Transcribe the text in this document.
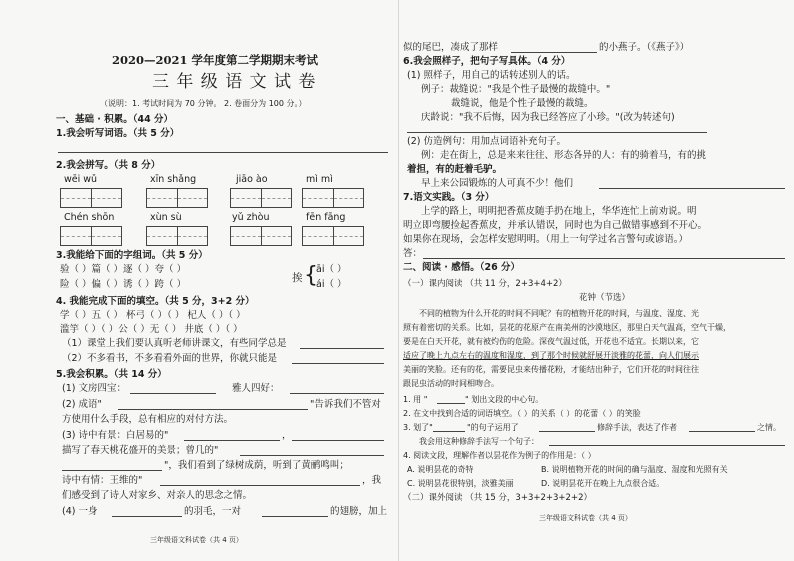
2020—2021 学年度第二学期期末考试
三 年 级 语 文 试 卷
（说明：1. 考试时间为 70 分钟。 2. 卷面分为 100 分。）
一、基础 · 积累。（44 分）
1.我会听写词语。（共 5 分）
2.我会拼写。（共 8 分）
wēi wǔ	xīn shǎng	jiāo ào	mì mì
Chén shōn	xùn sù	yǔ zhòu	fēn fāng
3.我能给下面的字组词。（共 5 分）
验（ ）篇（ ）逐（ ）夸（ ）
险（ ）偏（ ）诱（ ）跨（ ）
挨 {
āi（ ）
ái（ ）
4. 我能完成下面的填空。（共 5 分，3+2 分）
学（ ）五（ ） 杯弓（ ）（ ） 杞人（ ）（ ）
滥竽（ ）（ ）公（ ）无（ ） 井底（ ）（ ）
（1）课堂上我们要认真听老师讲课文，有些同学总是
（2）不多看书，不多看看外面的世界，你就只能是
5.我会积累。（共 14 分）
(1) 文房四宝：	雅人四好：
(2) 成语"	"告诉我们不管对
方使用什么手段，总有相应的对付方法。
(3) 诗中有景：白居易的"	，
描写了春天桃花盛开的美景；曾几的"
"，我们看到了绿树成荫，听到了黄鹂鸣叫；
诗中有情：王维的"	，我
们感受到了诗人对家乡、对亲人的思念之情。
(4) 一身	的羽毛，一对	的翅膀，加上
三年级语文科试卷（共 4 页）
似的尾巴，凑成了那样	的小燕子。（《燕子》）
6.我会照样子，把句子写具体。（4 分）
(1) 照样子，用自己的话转述别人的话。
例子：裁缝说："我是个性子最慢的裁缝中。"
裁缝说，他是个性子最慢的裁缝。
庆龄说："我不后悔，因为我已经答应了小珍。"(改为转述句)
(2) 仿造例句：用加点词语补充句子。
例：走在街上，总是来来往往、形态各异的人：有的骑着马，有的挑
着担，有的赶着毛驴。
早上来公园锻炼的人可真不少！他们
7.语文实践。（3 分）
上学的路上，明明把香蕉皮随手扔在地上，华华连忙上前劝说。明
明立即弯腰捡起香蕉皮，并承认错误，同时也为自己做错事感到不开心。
如果你在现场，会怎样安慰明明。（用上一句学过名言警句或谚语。）
答：
二、阅读 · 感悟。（26 分）
（一）课内阅读 （共 11 分，2+3+4+2）
花钟（节选）
不同的植物为什么开花的时间不同呢？有的植物开花的时间，与温度、湿度、光
照有着密切的关系。比如，昙花的花原产在南美州的沙漠地区，那里白天气温高，空气干燥，
要是在白天开花，就有被灼伤的危险。深夜气温过低，开花也不适宜。长期以来，它
适应了晚上九点左右的温度和湿度，到了那个时候就舒展开淡雅的花蕾，向人们展示
美丽的笑脸。还有的花，需要昆虫来传播花粉，才能结出种子，它们开花的时间往往
跟昆虫活动的时间相吻合。
1. 用 "	" 划出文段的中心句。
2. 在文中找到合适的词语填空。（ ）的关系（ ）的花蕾（ ）的笑脸
3. 划了"	"的句子运用了	修辞手法，表达了作者	之情。
我会用这种修辞手法写一个句子：
4. 阅读文段，理解作者以昙花作为例子的作用是：（ ）
A. 说明昙花的奇特	B. 说明植物开花的时间的确与温度、湿度和光照有关
C. 说明昙花很特别，淡雅美丽	D. 说明昙花开在晚上九点很合适。
（二）课外阅读 （共 15 分，3+3+2+3+2+2）
三年级语文科试卷（共 4 页）
